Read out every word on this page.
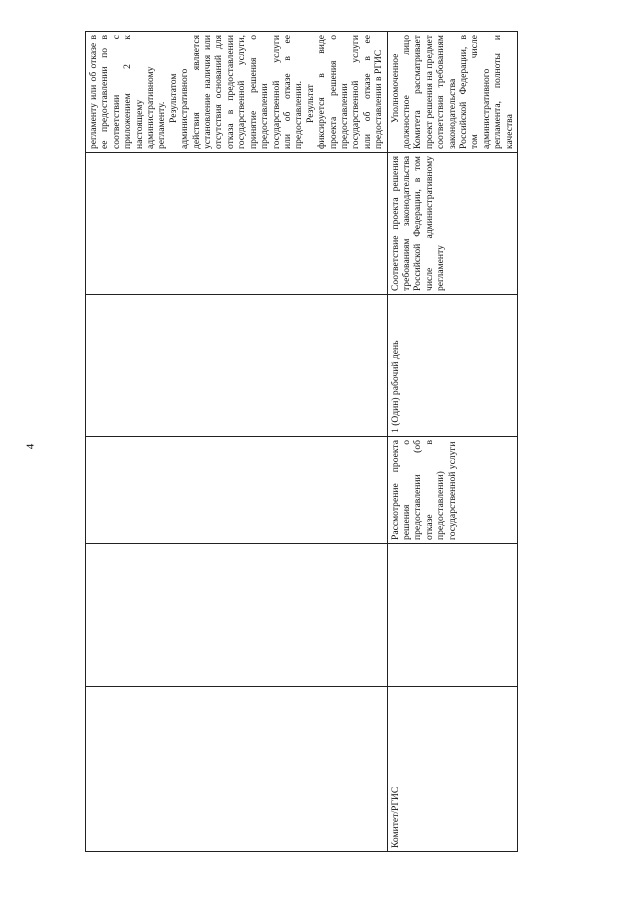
4

					регламенту или об отказе в ее предоставлении по в соответствии с приложением 2 к настоящему административному регламенту.

Результатом административного действия является установление наличия или отсутствия оснований для отказа в предоставлении государственной услуги, принятие решения о предоставлении государственной услуги или об отказе в ее предоставлении. Результат фиксируется в виде проекта решения о предоставлении государственной услуги или об отказе в ее предоставлении в РГИС

Комитет/РГИС		Рассмотрение проекта решения о предоставлении (об отказе в предоставлении) государственной услуги	1 (Один) рабочий день	Соответствие проекта решения требованиям законодательства Российской Федерации, в том числе административному регламенту	Уполномоченное должностное лицо Комитета рассматривает проект решения на предмет соответствия требованиям законодательства Российской Федерации, в том числе административного регламента, полноты и качества
